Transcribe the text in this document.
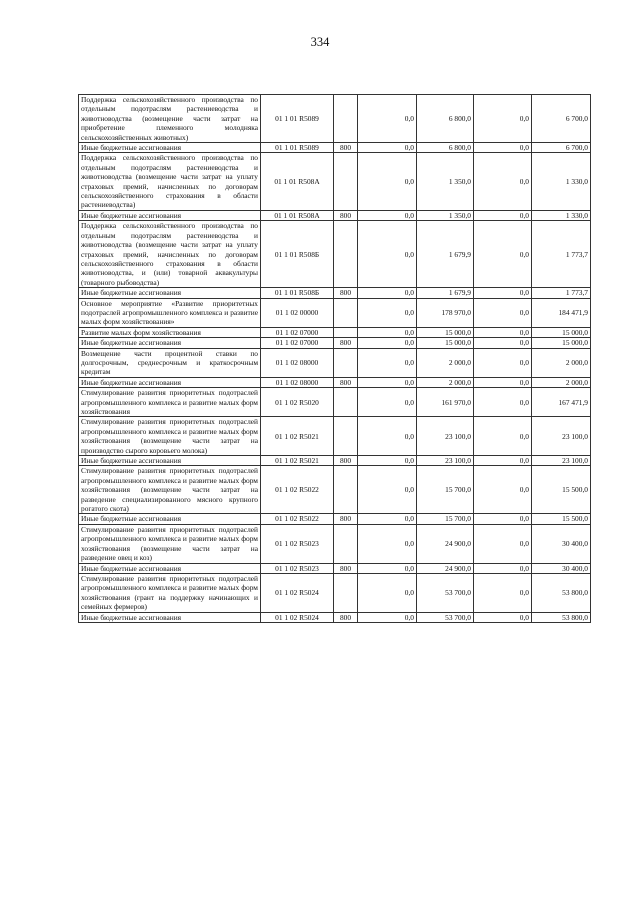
334
Поддержка сельскохозяйственного производства по отдельным подотраслям растениеводства и животноводства (возмещение части затрат на приобретение племенного молодняка сельскохозяйственных животных)	01 1 01 R5089		0,0	6 800,0	0,0	6 700,0
Иные бюджетные ассигнования	01 1 01 R5089	800	0,0	6 800,0	0,0	6 700,0
Поддержка сельскохозяйственного производства по отдельным подотраслям растениеводства и животноводства (возмещение части затрат на уплату страховых премий, начисленных по договорам сельскохозяйственного страхования в области растениеводства)	01 1 01 R508А		0,0	1 350,0	0,0	1 330,0
Иные бюджетные ассигнования	01 1 01 R508А	800	0,0	1 350,0	0,0	1 330,0
Поддержка сельскохозяйственного производства по отдельным подотраслям растениеводства и животноводства (возмещение части затрат на уплату страховых премий, начисленных по договорам сельскохозяйственного страхования в области животноводства, и (или) товарной аквакультуры (товарного рыбоводства)	01 1 01 R508Б		0,0	1 679,9	0,0	1 773,7
Иные бюджетные ассигнования	01 1 01 R508Б	800	0,0	1 679,9	0,0	1 773,7
Основное мероприятие «Развитие приоритетных подотраслей агропромышленного комплекса и развитие малых форм хозяйствования»	01 1 02 00000		0,0	178 970,0	0,0	184 471,9
Развитие малых форм хозяйствования	01 1 02 07000		0,0	15 000,0	0,0	15 000,0
Иные бюджетные ассигнования	01 1 02 07000	800	0,0	15 000,0	0,0	15 000,0
Возмещение части процентной ставки по долгосрочным, среднесрочным и краткосрочным кредитам	01 1 02 08000		0,0	2 000,0	0,0	2 000,0
Иные бюджетные ассигнования	01 1 02 08000	800	0,0	2 000,0	0,0	2 000,0
Стимулирование развития приоритетных подотраслей агропромышленного комплекса и развитие малых форм хозяйствования	01 1 02 R5020		0,0	161 970,0	0,0	167 471,9
Стимулирование развития приоритетных подотраслей агропромышленного комплекса и развитие малых форм хозяйствования (возмещение части затрат на производство сырого коровьего молока)	01 1 02 R5021		0,0	23 100,0	0,0	23 100,0
Иные бюджетные ассигнования	01 1 02 R5021	800	0,0	23 100,0	0,0	23 100,0
Стимулирование развития приоритетных подотраслей агропромышленного комплекса и развитие малых форм хозяйствования (возмещение части затрат на разведение специализированного мясного крупного рогатого скота)	01 1 02 R5022		0,0	15 700,0	0,0	15 500,0
Иные бюджетные ассигнования	01 1 02 R5022	800	0,0	15 700,0	0,0	15 500,0
Стимулирование развития приоритетных подотраслей агропромышленного комплекса и развитие малых форм хозяйствования (возмещение части затрат на разведение овец и коз)	01 1 02 R5023		0,0	24 900,0	0,0	30 400,0
Иные бюджетные ассигнования	01 1 02 R5023	800	0,0	24 900,0	0,0	30 400,0
Стимулирование развития приоритетных подотраслей агропромышленного комплекса и развитие малых форм хозяйствования (грант на поддержку начинающих и семейных фермеров)	01 1 02 R5024		0,0	53 700,0	0,0	53 800,0
Иные бюджетные ассигнования	01 1 02 R5024	800	0,0	53 700,0	0,0	53 800,0
